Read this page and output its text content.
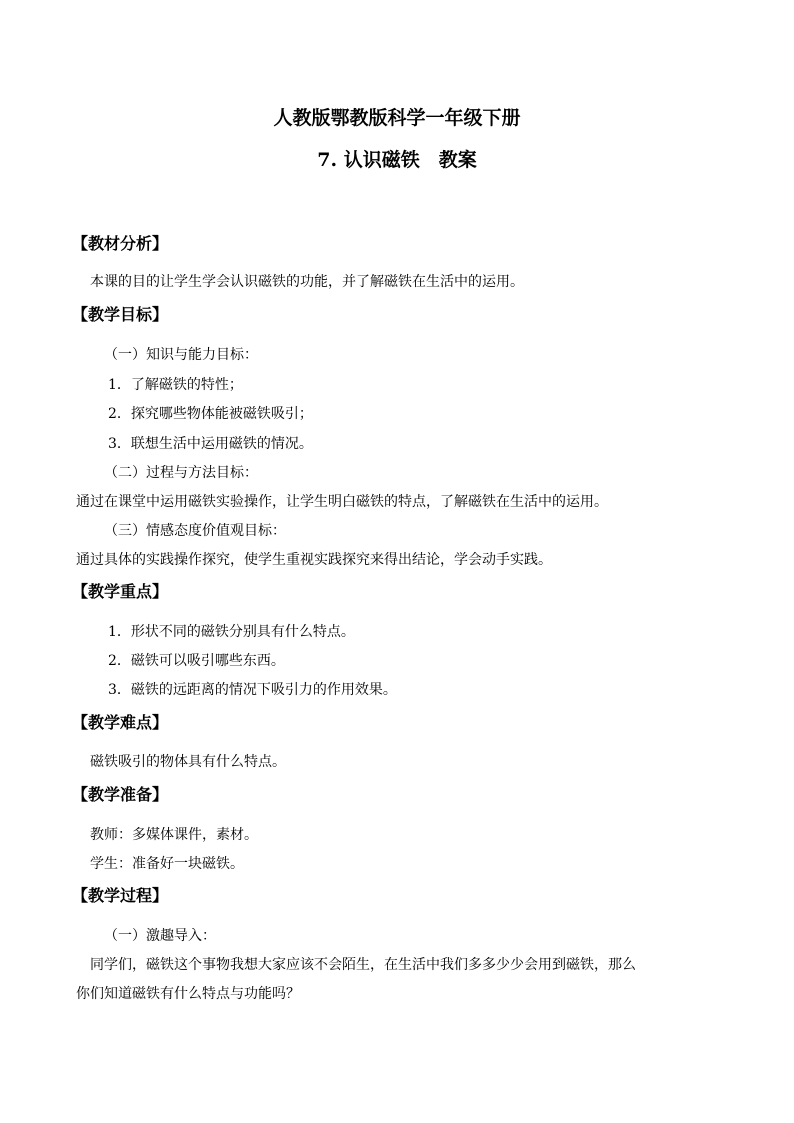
人教版鄂教版科学一年级下册
7. 认识磁铁　教案
【教材分析】
本课的目的让学生学会认识磁铁的功能，并了解磁铁在生活中的运用。
【教学目标】
（一）知识与能力目标：
1．了解磁铁的特性；
2．探究哪些物体能被磁铁吸引；
3．联想生活中运用磁铁的情况。
（二）过程与方法目标：
通过在课堂中运用磁铁实验操作，让学生明白磁铁的特点，了解磁铁在生活中的运用。
（三）情感态度价值观目标：
通过具体的实践操作探究，使学生重视实践探究来得出结论，学会动手实践。
【教学重点】
1．形状不同的磁铁分别具有什么特点。
2．磁铁可以吸引哪些东西。
3．磁铁的远距离的情况下吸引力的作用效果。
【教学难点】
磁铁吸引的物体具有什么特点。
【教学准备】
教师：多媒体课件，素材。
学生：准备好一块磁铁。
【教学过程】
（一）激趣导入：
同学们，磁铁这个事物我想大家应该不会陌生，在生活中我们多多少少会用到磁铁，那么
你们知道磁铁有什么特点与功能吗？
